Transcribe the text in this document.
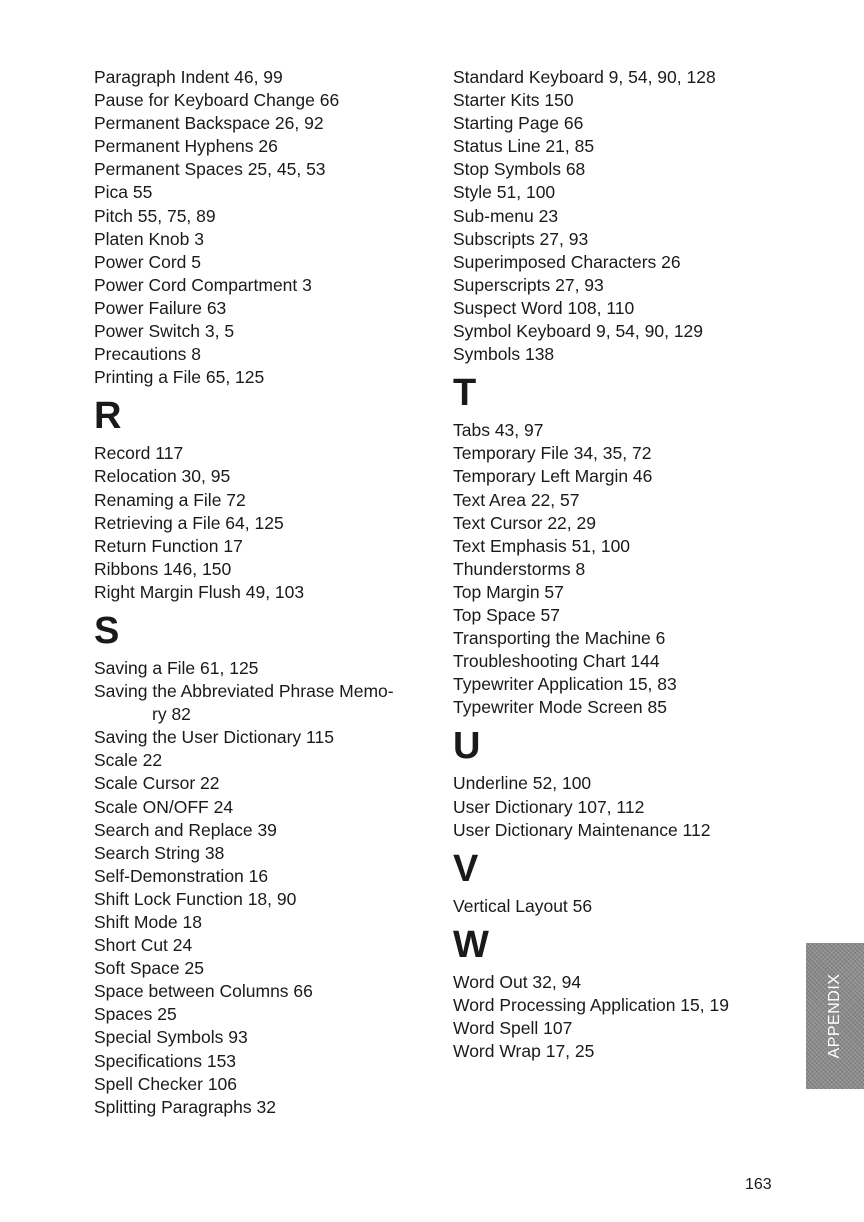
Paragraph Indent 46, 99
Pause for Keyboard Change 66
Permanent Backspace 26, 92
Permanent Hyphens 26
Permanent Spaces 25, 45, 53
Pica 55
Pitch 55, 75, 89
Platen Knob 3
Power Cord 5
Power Cord Compartment 3
Power Failure 63
Power Switch 3, 5
Precautions 8
Printing a File 65, 125
R
Record 117
Relocation 30, 95
Renaming a File 72
Retrieving a File 64, 125
Return Function 17
Ribbons 146, 150
Right Margin Flush 49, 103
S
Saving a File 61, 125
Saving the Abbreviated Phrase Memo-
ry 82
Saving the User Dictionary 115
Scale 22
Scale Cursor 22
Scale ON/OFF 24
Search and Replace 39
Search String 38
Self-Demonstration 16
Shift Lock Function 18, 90
Shift Mode 18
Short Cut 24
Soft Space 25
Space between Columns 66
Spaces 25
Special Symbols 93
Specifications 153
Spell Checker 106
Splitting Paragraphs 32
Standard Keyboard 9, 54, 90, 128
Starter Kits 150
Starting Page 66
Status Line 21, 85
Stop Symbols 68
Style 51, 100
Sub-menu 23
Subscripts 27, 93
Superimposed Characters 26
Superscripts 27, 93
Suspect Word 108, 110
Symbol Keyboard 9, 54, 90, 129
Symbols 138
T
Tabs 43, 97
Temporary File 34, 35, 72
Temporary Left Margin 46
Text Area 22, 57
Text Cursor 22, 29
Text Emphasis 51, 100
Thunderstorms 8
Top Margin 57
Top Space 57
Transporting the Machine 6
Troubleshooting Chart 144
Typewriter Application 15, 83
Typewriter Mode Screen 85
U
Underline 52, 100
User Dictionary 107, 112
User Dictionary Maintenance 112
V
Vertical Layout 56
W
Word Out 32, 94
Word Processing Application 15, 19
Word Spell 107
Word Wrap 17, 25	APPENDIX
163
